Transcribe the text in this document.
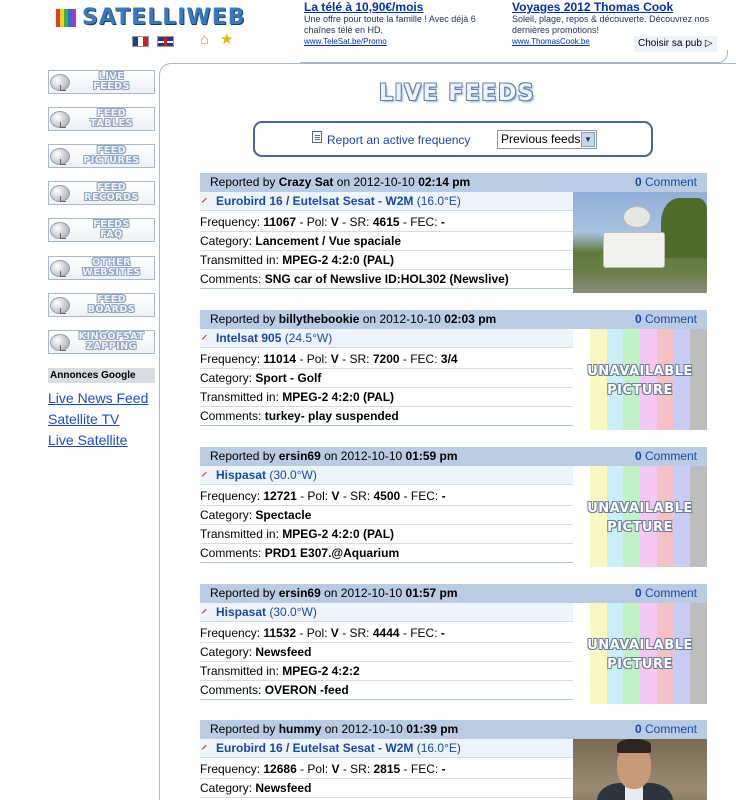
SATELLIWEB
⌂ ★
La télé à 10,90€/mois
Une offre pour toute la famille ! Avec déjà 6 chaînes télé en HD.
www.TeleSat.be/Promo
Voyages 2012 Thomas Cook
Soleil, plage, repos & découverte. Découvrez nos dernières promotions!
www.ThomasCook.be	Choisir sa pub ▷
LIVE
FEEDS
FEED
TABLES
FEED
PICTURES
FEED
RECORDS
FEEDS
FAQ
OTHER
WEBSITES
FEED
BOARDS
KINGOFSAT
ZAPPING
Annonces Google
Live News Feed
Satellite TV
Live Satellite
LIVE FEEDS
Report an active frequency	Previous feeds ▼
Reported by Crazy Sat on 2012-10-10 02:14 pm	0 Comment
Eurobird 16 / Eutelsat Sesat - W2M (16.0°E)
Frequency: 11067 - Pol: V - SR: 4615 - FEC: -
Category: Lancement / Vue spaciale
Transmitted in: MPEG-2 4:2:0 (PAL)
Comments: SNG car of Newslive ID:HOL302 (Newslive)
Reported by billythebookie on 2012-10-10 02:03 pm	0 Comment
Intelsat 905 (24.5°W)
Frequency: 11014 - Pol: V - SR: 7200 - FEC: 3/4
Category: Sport - Golf
Transmitted in: MPEG-2 4:2:0 (PAL)
Comments: turkey- play suspended
UNAVAILABLE
PICTURE
Reported by ersin69 on 2012-10-10 01:59 pm	0 Comment
Hispasat (30.0°W)
Frequency: 12721 - Pol: V - SR: 4500 - FEC: -
Category: Spectacle
Transmitted in: MPEG-2 4:2:0 (PAL)
Comments: PRD1 E307.@Aquarium
UNAVAILABLE
PICTURE
Reported by ersin69 on 2012-10-10 01:57 pm	0 Comment
Hispasat (30.0°W)
Frequency: 11532 - Pol: V - SR: 4444 - FEC: -
Category: Newsfeed
Transmitted in: MPEG-2 4:2:2
Comments: OVERON -feed
UNAVAILABLE
PICTURE
Reported by hummy on 2012-10-10 01:39 pm	0 Comment
Eurobird 16 / Eutelsat Sesat - W2M (16.0°E)
Frequency: 12686 - Pol: V - SR: 2815 - FEC: -
Category: Newsfeed
